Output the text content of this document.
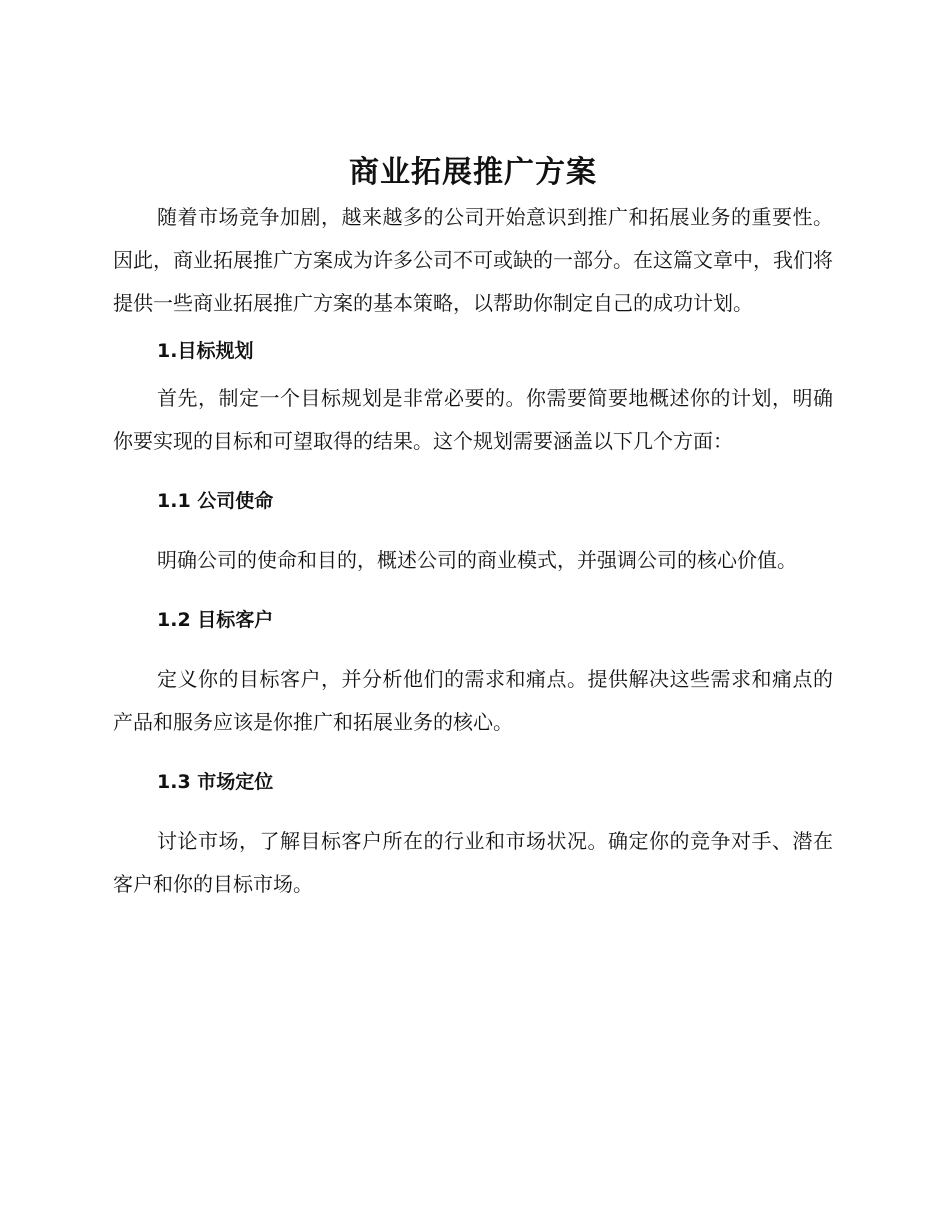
商业拓展推广方案

随着市场竞争加剧，越来越多的公司开始意识到推广和拓展业务的重要性。因此，商业拓展推广方案成为许多公司不可或缺的一部分。在这篇文章中，我们将提供一些商业拓展推广方案的基本策略，以帮助你制定自己的成功计划。

1.目标规划

首先，制定一个目标规划是非常必要的。你需要简要地概述你的计划，明确你要实现的目标和可望取得的结果。这个规划需要涵盖以下几个方面：

1.1 公司使命

明确公司的使命和目的，概述公司的商业模式，并强调公司的核心价值。

1.2 目标客户

定义你的目标客户，并分析他们的需求和痛点。提供解决这些需求和痛点的产品和服务应该是你推广和拓展业务的核心。

1.3 市场定位

讨论市场，了解目标客户所在的行业和市场状况。确定你的竞争对手、潜在客户和你的目标市场。
